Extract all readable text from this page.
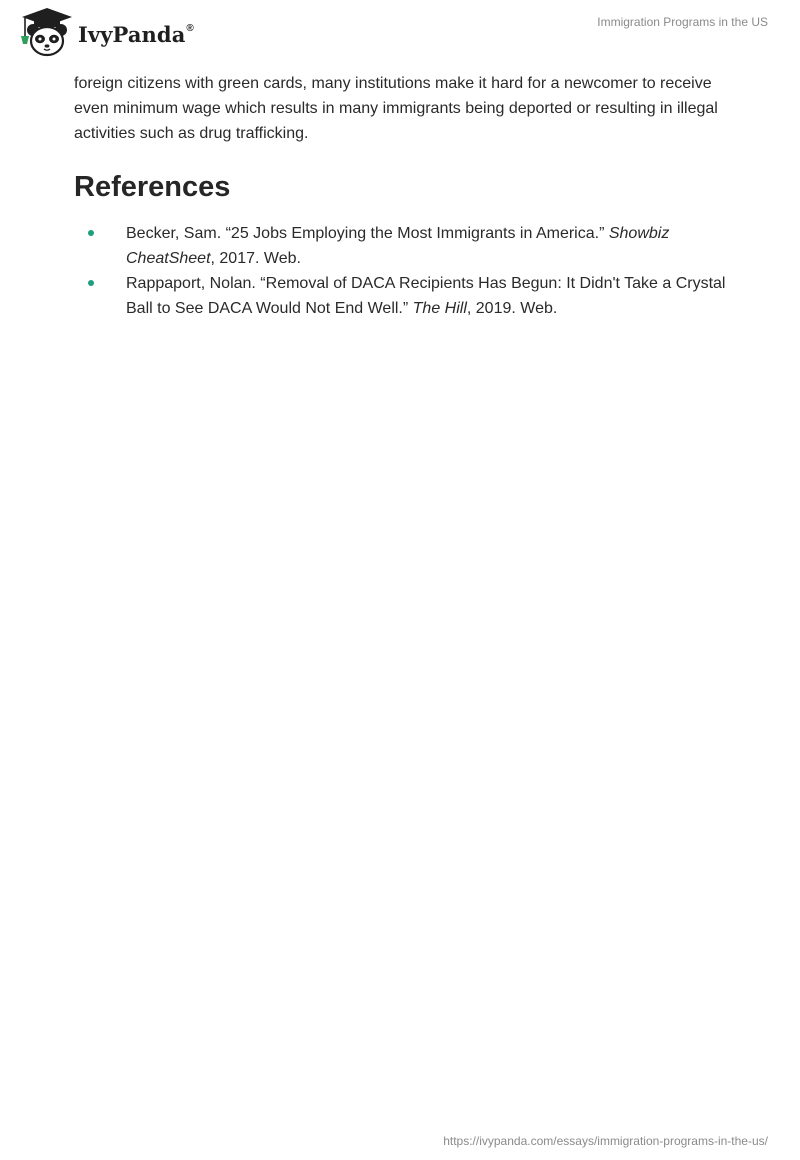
IvyPanda®	Immigration Programs in the US

foreign citizens with green cards, many institutions make it hard for a newcomer to receive even minimum wage which results in many immigrants being deported or resulting in illegal activities such as drug trafficking.

References
Becker, Sam. “25 Jobs Employing the Most Immigrants in America.” Showbiz CheatSheet, 2017. Web.
Rappaport, Nolan. “Removal of DACA Recipients Has Begun: It Didn't Take a Crystal Ball to See DACA Would Not End Well.” The Hill, 2019. Web.
https://ivypanda.com/essays/immigration-programs-in-the-us/
